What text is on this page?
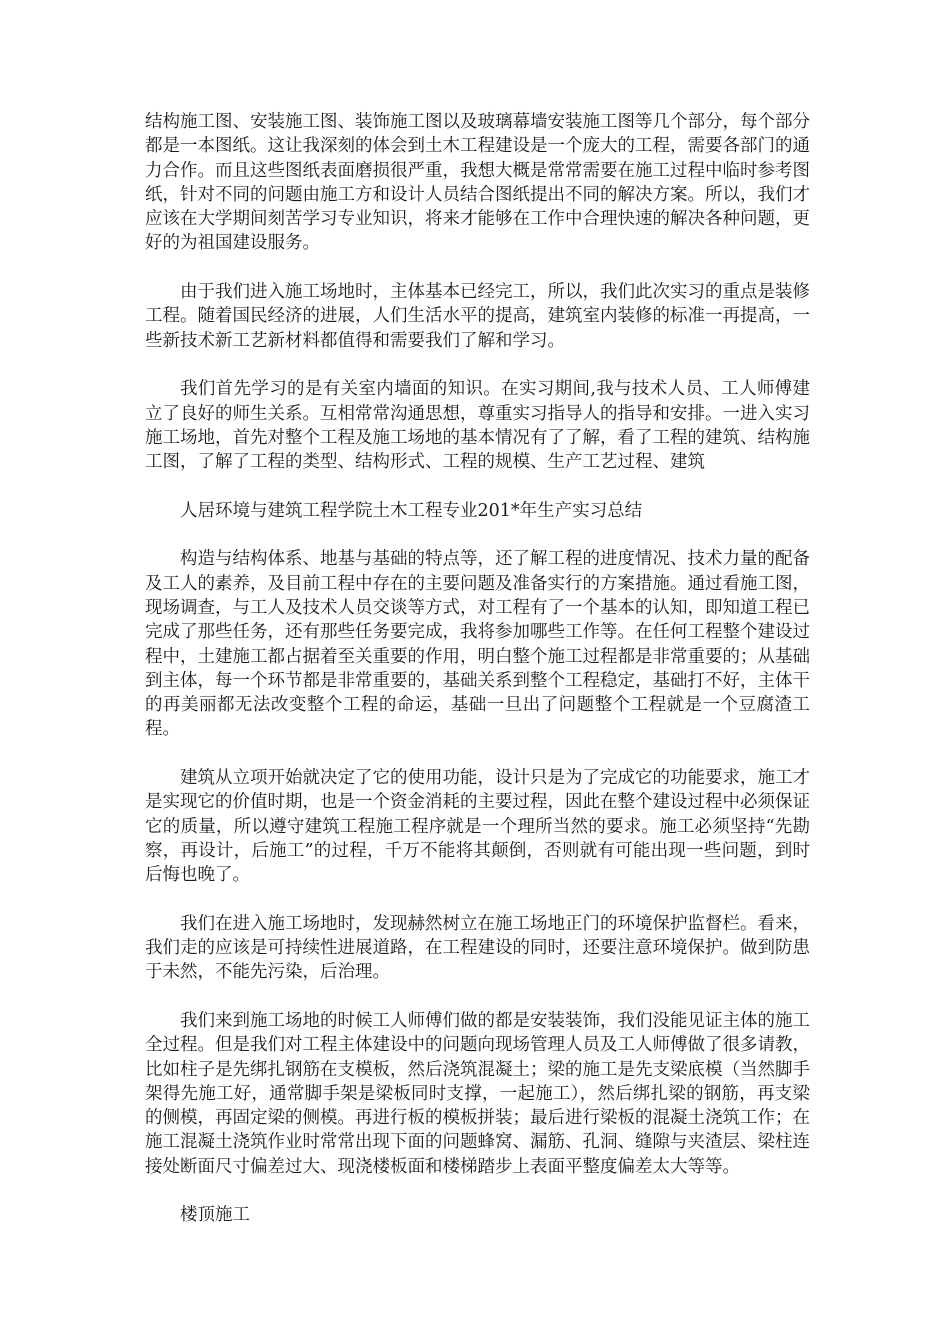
结构施工图、安装施工图、装饰施工图以及玻璃幕墙安装施工图等几个部分，每个部分都是一本图纸。这让我深刻的体会到土木工程建设是一个庞大的工程，需要各部门的通力合作。而且这些图纸表面磨损很严重，我想大概是常常需要在施工过程中临时参考图纸，针对不同的问题由施工方和设计人员结合图纸提出不同的解决方案。所以，我们才应该在大学期间刻苦学习专业知识，将来才能够在工作中合理快速的解决各种问题，更好的为祖国建设服务。

由于我们进入施工场地时，主体基本已经完工，所以，我们此次实习的重点是装修工程。随着国民经济的进展，人们生活水平的提高，建筑室内装修的标准一再提高，一些新技术新工艺新材料都值得和需要我们了解和学习。

我们首先学习的是有关室内墙面的知识。在实习期间,我与技术人员、工人师傅建立了良好的师生关系。互相常常沟通思想，尊重实习指导人的指导和安排。一进入实习施工场地，首先对整个工程及施工场地的基本情况有了了解，看了工程的建筑、结构施工图，了解了工程的类型、结构形式、工程的规模、生产工艺过程、建筑

人居环境与建筑工程学院土木工程专业201*年生产实习总结

构造与结构体系、地基与基础的特点等，还了解工程的进度情况、技术力量的配备及工人的素养，及目前工程中存在的主要问题及准备实行的方案措施。通过看施工图，现场调查，与工人及技术人员交谈等方式，对工程有了一个基本的认知，即知道工程已完成了那些任务，还有那些任务要完成，我将参加哪些工作等。在任何工程整个建设过程中，土建施工都占据着至关重要的作用，明白整个施工过程都是非常重要的；从基础到主体，每一个环节都是非常重要的，基础关系到整个工程稳定，基础打不好，主体干的再美丽都无法改变整个工程的命运，基础一旦出了问题整个工程就是一个豆腐渣工程。

建筑从立项开始就决定了它的使用功能，设计只是为了完成它的功能要求，施工才是实现它的价值时期，也是一个资金消耗的主要过程，因此在整个建设过程中必须保证它的质量，所以遵守建筑工程施工程序就是一个理所当然的要求。施工必须坚持“先勘察，再设计，后施工”的过程，千万不能将其颠倒，否则就有可能出现一些问题，到时后悔也晚了。

我们在进入施工场地时，发现赫然树立在施工场地正门的环境保护监督栏。看来，我们走的应该是可持续性进展道路，在工程建设的同时，还要注意环境保护。做到防患于未然，不能先污染，后治理。

我们来到施工场地的时候工人师傅们做的都是安装装饰，我们没能见证主体的施工全过程。但是我们对工程主体建设中的问题向现场管理人员及工人师傅做了很多请教，比如柱子是先绑扎钢筋在支模板，然后浇筑混凝土；梁的施工是先支梁底模（当然脚手架得先施工好，通常脚手架是梁板同时支撑，一起施工），然后绑扎梁的钢筋，再支梁的侧模，再固定梁的侧模。再进行板的模板拼装；最后进行梁板的混凝土浇筑工作；在施工混凝土浇筑作业时常常出现下面的问题蜂窝、漏筋、孔洞、缝隙与夹渣层、梁柱连接处断面尺寸偏差过大、现浇楼板面和楼梯踏步上表面平整度偏差太大等等。

楼顶施工
